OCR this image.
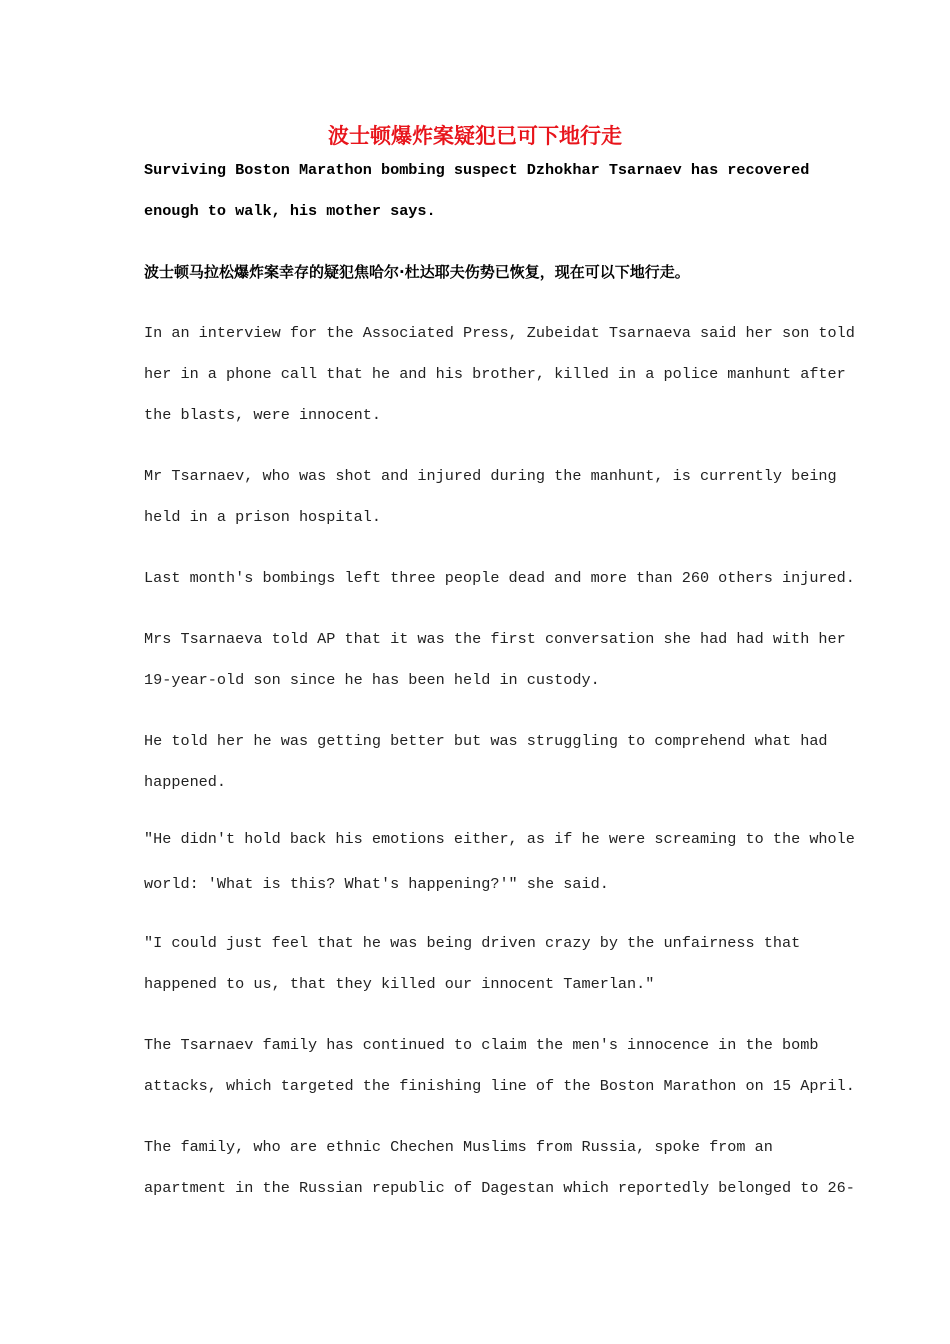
波士顿爆炸案疑犯已可下地行走

Surviving Boston Marathon bombing suspect Dzhokhar Tsarnaev has recovered
enough to walk, his mother says.

波士顿马拉松爆炸案幸存的疑犯焦哈尔·杜达耶夫伤势已恢复，现在可以下地行走。

In an interview for the Associated Press, Zubeidat Tsarnaeva said her son told
her in a phone call that he and his brother, killed in a police manhunt after
the blasts, were innocent.

Mr Tsarnaev, who was shot and injured during the manhunt, is currently being
held in a prison hospital.

Last month's bombings left three people dead and more than 260 others injured.

Mrs Tsarnaeva told AP that it was the first conversation she had had with her
19-year-old son since he has been held in custody.

He told her he was getting better but was struggling to comprehend what had
happened.

"He didn't hold back his emotions either, as if he were screaming to the whole
world: 'What is this? What's happening?'" she said.

"I could just feel that he was being driven crazy by the unfairness that
happened to us, that they killed our innocent Tamerlan."

The Tsarnaev family has continued to claim the men's innocence in the bomb
attacks, which targeted the finishing line of the Boston Marathon on 15 April.

The family, who are ethnic Chechen Muslims from Russia, spoke from an
apartment in the Russian republic of Dagestan which reportedly belonged to 26-
